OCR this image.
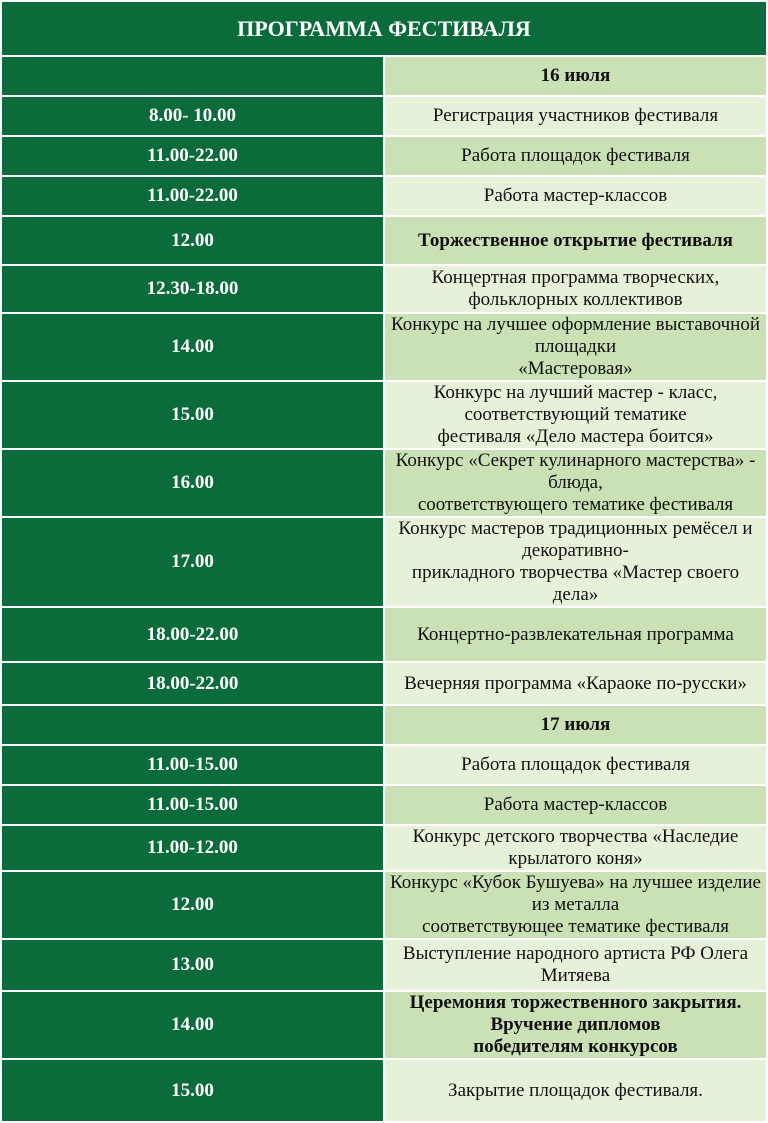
ПРОГРАММА ФЕСТИВАЛЯ	
	16 июля
8.00- 10.00	Регистрация участников фестиваля
11.00-22.00	Работа площадок фестиваля
11.00-22.00	Работа мастер-классов
12.00	Торжественное открытие фестиваля
12.30-18.00	Концертная программа творческих, фольклорных коллективов
14.00	Конкурс на лучшее оформление выставочной площадки
«Мастеровая»
15.00	Конкурс на лучший мастер - класс, соответствующий тематике
фестиваля «Дело мастера боится»
16.00	Конкурс «Секрет кулинарного мастерства» - блюда,
соответствующего тематике фестиваля
17.00	Конкурс мастеров традиционных ремёсел и декоративно-
прикладного творчества «Мастер своего дела»
18.00-22.00	Концертно-развлекательная программа
18.00-22.00	Вечерняя программа «Караоке по-русски»
	17 июля
11.00-15.00	Работа площадок фестиваля
11.00-15.00	Работа мастер-классов
11.00-12.00	Конкурс детского творчества «Наследие крылатого коня»
12.00	Конкурс «Кубок Бушуева» на лучшее изделие из металла
соответствующее тематике фестиваля
13.00	Выступление народного артиста РФ Олега Митяева
14.00	Церемония торжественного закрытия. Вручение дипломов
победителям конкурсов
15.00	Закрытие площадок фестиваля.
